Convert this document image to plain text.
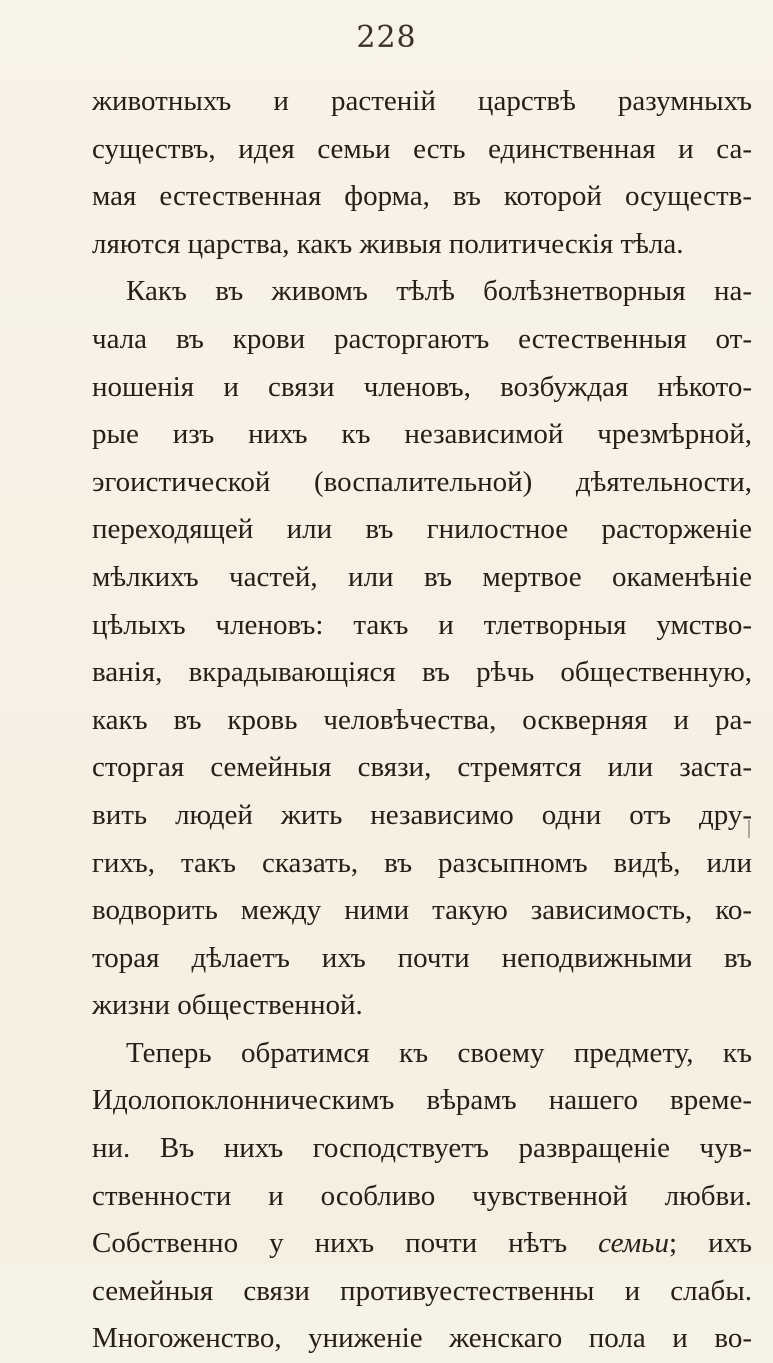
228
животныхъ и растеній царствѣ разумныхъ
существъ, идея семьи есть единственная и са-
мая естественная форма, въ которой осуществ-
ляются царства, какъ живыя политическія тѣла.
Какъ въ живомъ тѣлѣ болѣзнетворныя на-
чала въ крови расторгаютъ естественныя от-
ношенія и связи членовъ, возбуждая нѣкото-
рые изъ нихъ къ независимой чрезмѣрной,
эгоистической (воспалительной) дѣятельности,
переходящей или въ гнилостное расторженіе
мѣлкихъ частей, или въ мертвое окаменѣніе
цѣлыхъ членовъ: такъ и тлетворныя умство-
ванія, вкрадывающіяся въ рѣчь общественную,
какъ въ кровь человѣчества, оскверняя и ра-
сторгая семейныя связи, стремятся или заста-
вить людей жить независимо одни отъ дру-
гихъ, такъ сказать, въ разсыпномъ видѣ, или
водворить между ними такую зависимость, ко-
торая дѣлаетъ ихъ почти неподвижными въ
жизни общественной.
Теперь обратимся къ своему предмету, къ
Идолопоклонническимъ вѣрамъ нашего време-
ни. Въ нихъ господствуетъ развращеніе чув-
ственности и особливо чувственной любви.
Собственно у нихъ почти нѣтъ семьи; ихъ
семейныя связи противуестественны и слабы.
Многоженство, униженіе женскаго пола и во-
